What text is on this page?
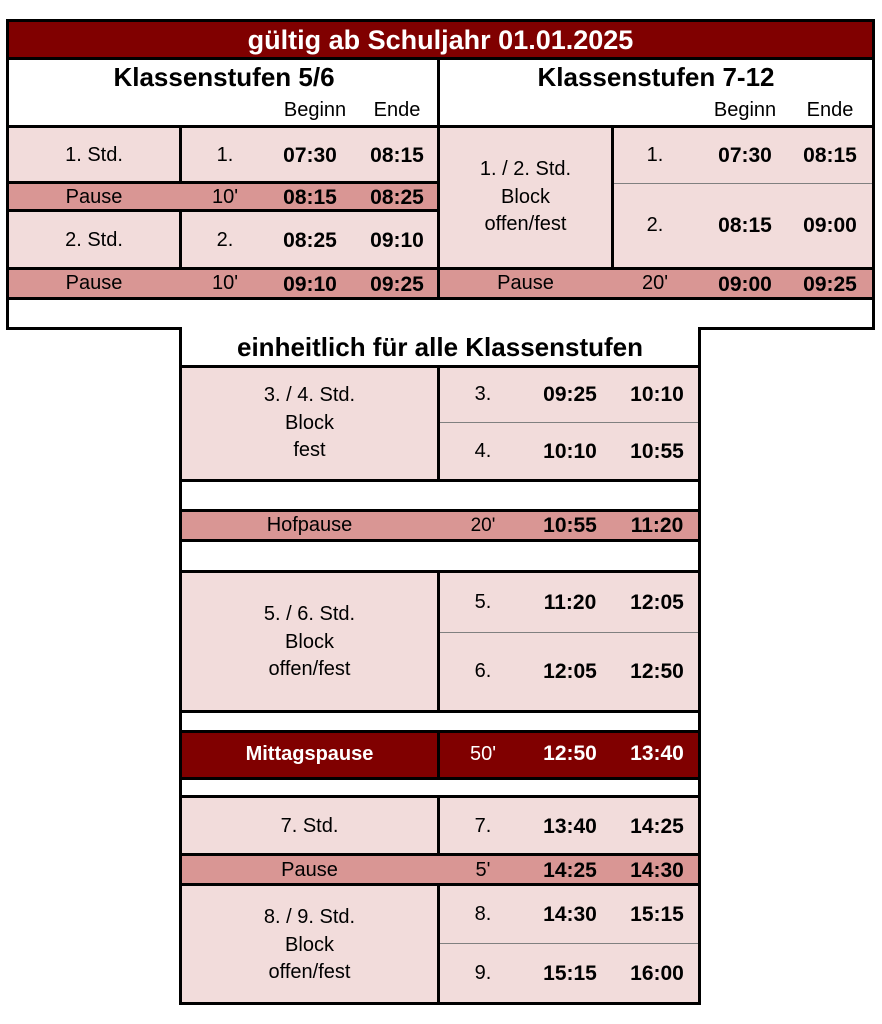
gültig ab Schuljahr 01.01.2025
Klassenstufen 5/6
Beginn	Ende
Klassenstufen 7-12
Beginn	Ende
1. Std.	1.	07:30	08:15
Pause	10'	08:15	08:25
2. Std.	2.	08:25	09:10
Pause	10'	09:10	09:25
1. / 2. Std.
Block
offen/fest
1.	07:30	08:15
2.	08:15	09:00
Pause	20'	09:00	09:25
einheitlich für alle Klassenstufen
3. / 4. Std.
Block
fest
3.	09:25	10:10
4.	10:10	10:55
Hofpause	20'	10:55	11:20
5. / 6. Std.
Block
offen/fest
5.	11:20	12:05
6.	12:05	12:50
Mittagspause	50'	12:50	13:40
7. Std.	7.	13:40	14:25
Pause	5'	14:25	14:30
8. / 9. Std.
Block
offen/fest
8.	14:30	15:15
9.	15:15	16:00
